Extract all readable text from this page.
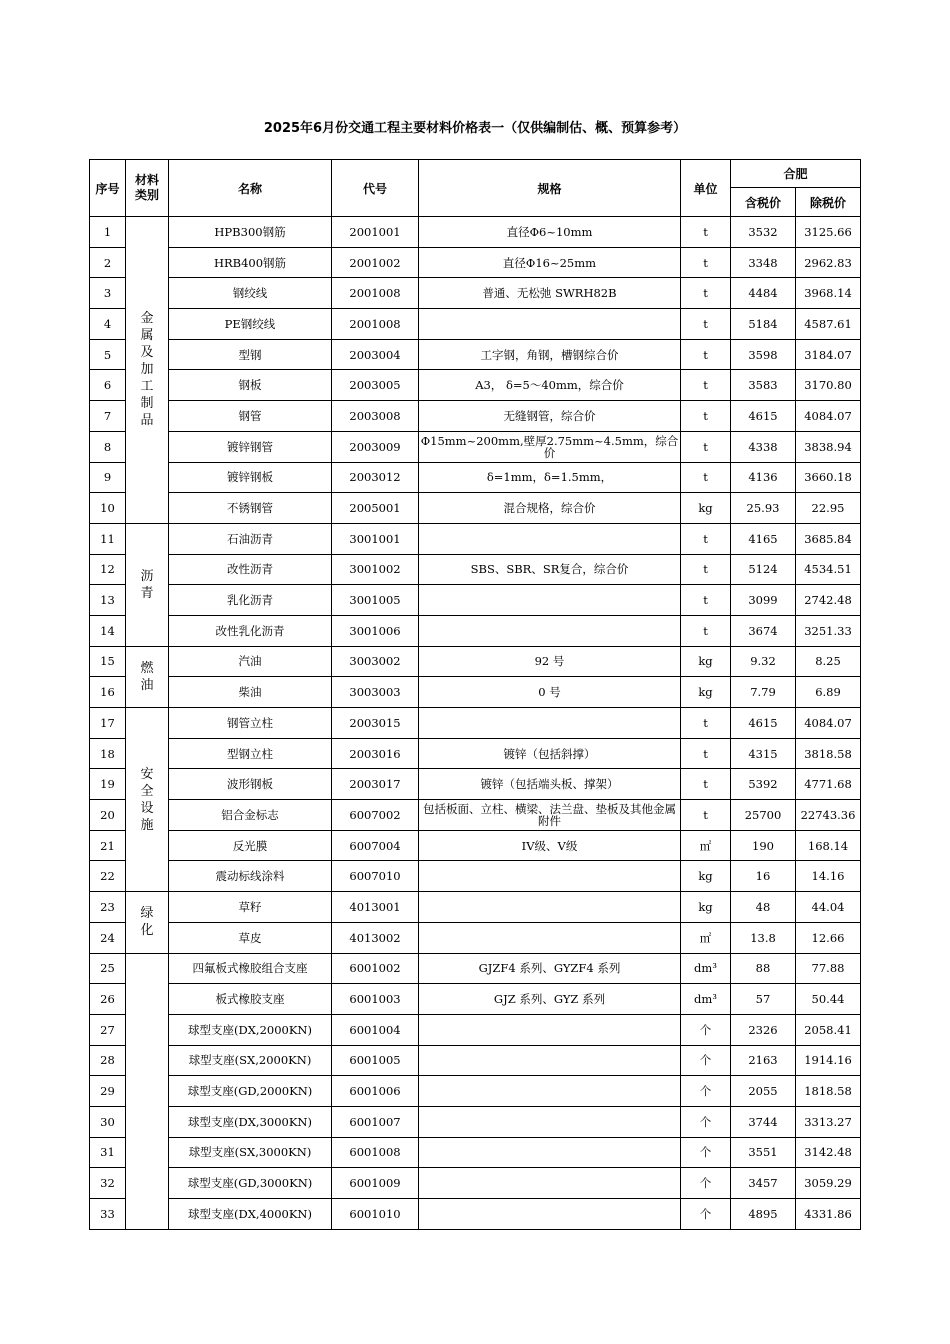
2025年6月份交通工程主要材料价格表一（仅供编制估、概、预算参考）
序号	材料类别	名称	代号	规格	单位	合肥	
						含税价	除税价
1	金属及加工制品	HPB300钢筋	2001001	直径Φ6~10mm	t	3532	3125.66
2		HRB400钢筋	2001002	直径Φ16~25mm	t	3348	2962.83
3		钢绞线	2001008	普通、无松弛 SWRH82B	t	4484	3968.14
4		PE钢绞线	2001008		t	5184	4587.61
5		型钢	2003004	工字钢，角钢，槽钢综合价	t	3598	3184.07
6		钢板	2003005	A3， δ=5～40mm，综合价	t	3583	3170.80
7		钢管	2003008	无缝钢管，综合价	t	4615	4084.07
8		镀锌钢管	2003009	Φ15mm~200mm,壁厚2.75mm~4.5mm，综合价	t	4338	3838.94
9		镀锌钢板	2003012	δ=1mm，δ=1.5mm，	t	4136	3660.18
10		不锈钢管	2005001	混合规格，综合价	kg	25.93	22.95
11	沥青	石油沥青	3001001		t	4165	3685.84
12		改性沥青	3001002	SBS、SBR、SR复合，综合价	t	5124	4534.51
13		乳化沥青	3001005		t	3099	2742.48
14		改性乳化沥青	3001006		t	3674	3251.33
15	燃油	汽油	3003002	92 号	kg	9.32	8.25
16		柴油	3003003	0 号	kg	7.79	6.89
17	安全设施	钢管立柱	2003015		t	4615	4084.07
18		型钢立柱	2003016	镀锌（包括斜撑）	t	4315	3818.58
19		波形钢板	2003017	镀锌（包括端头板、撑架）	t	5392	4771.68
20		铝合金标志	6007002	包括板面、立柱、横梁、法兰盘、垫板及其他金属附件	t	25700	22743.36
21		反光膜	6007004	IV级、V级	㎡	190	168.14
22		震动标线涂料	6007010		kg	16	14.16
23	绿化	草籽	4013001		kg	48	44.04
24		草皮	4013002		㎡	13.8	12.66
25		四氟板式橡胶组合支座	6001002	GJZF4 系列、GYZF4 系列	dm³	88	77.88
26		板式橡胶支座	6001003	GJZ 系列、GYZ 系列	dm³	57	50.44
27		球型支座(DX,2000KN)	6001004		个	2326	2058.41
28		球型支座(SX,2000KN)	6001005		个	2163	1914.16
29		球型支座(GD,2000KN)	6001006		个	2055	1818.58
30		球型支座(DX,3000KN)	6001007		个	3744	3313.27
31		球型支座(SX,3000KN)	6001008		个	3551	3142.48
32		球型支座(GD,3000KN)	6001009		个	3457	3059.29
33		球型支座(DX,4000KN)	6001010		个	4895	4331.86
